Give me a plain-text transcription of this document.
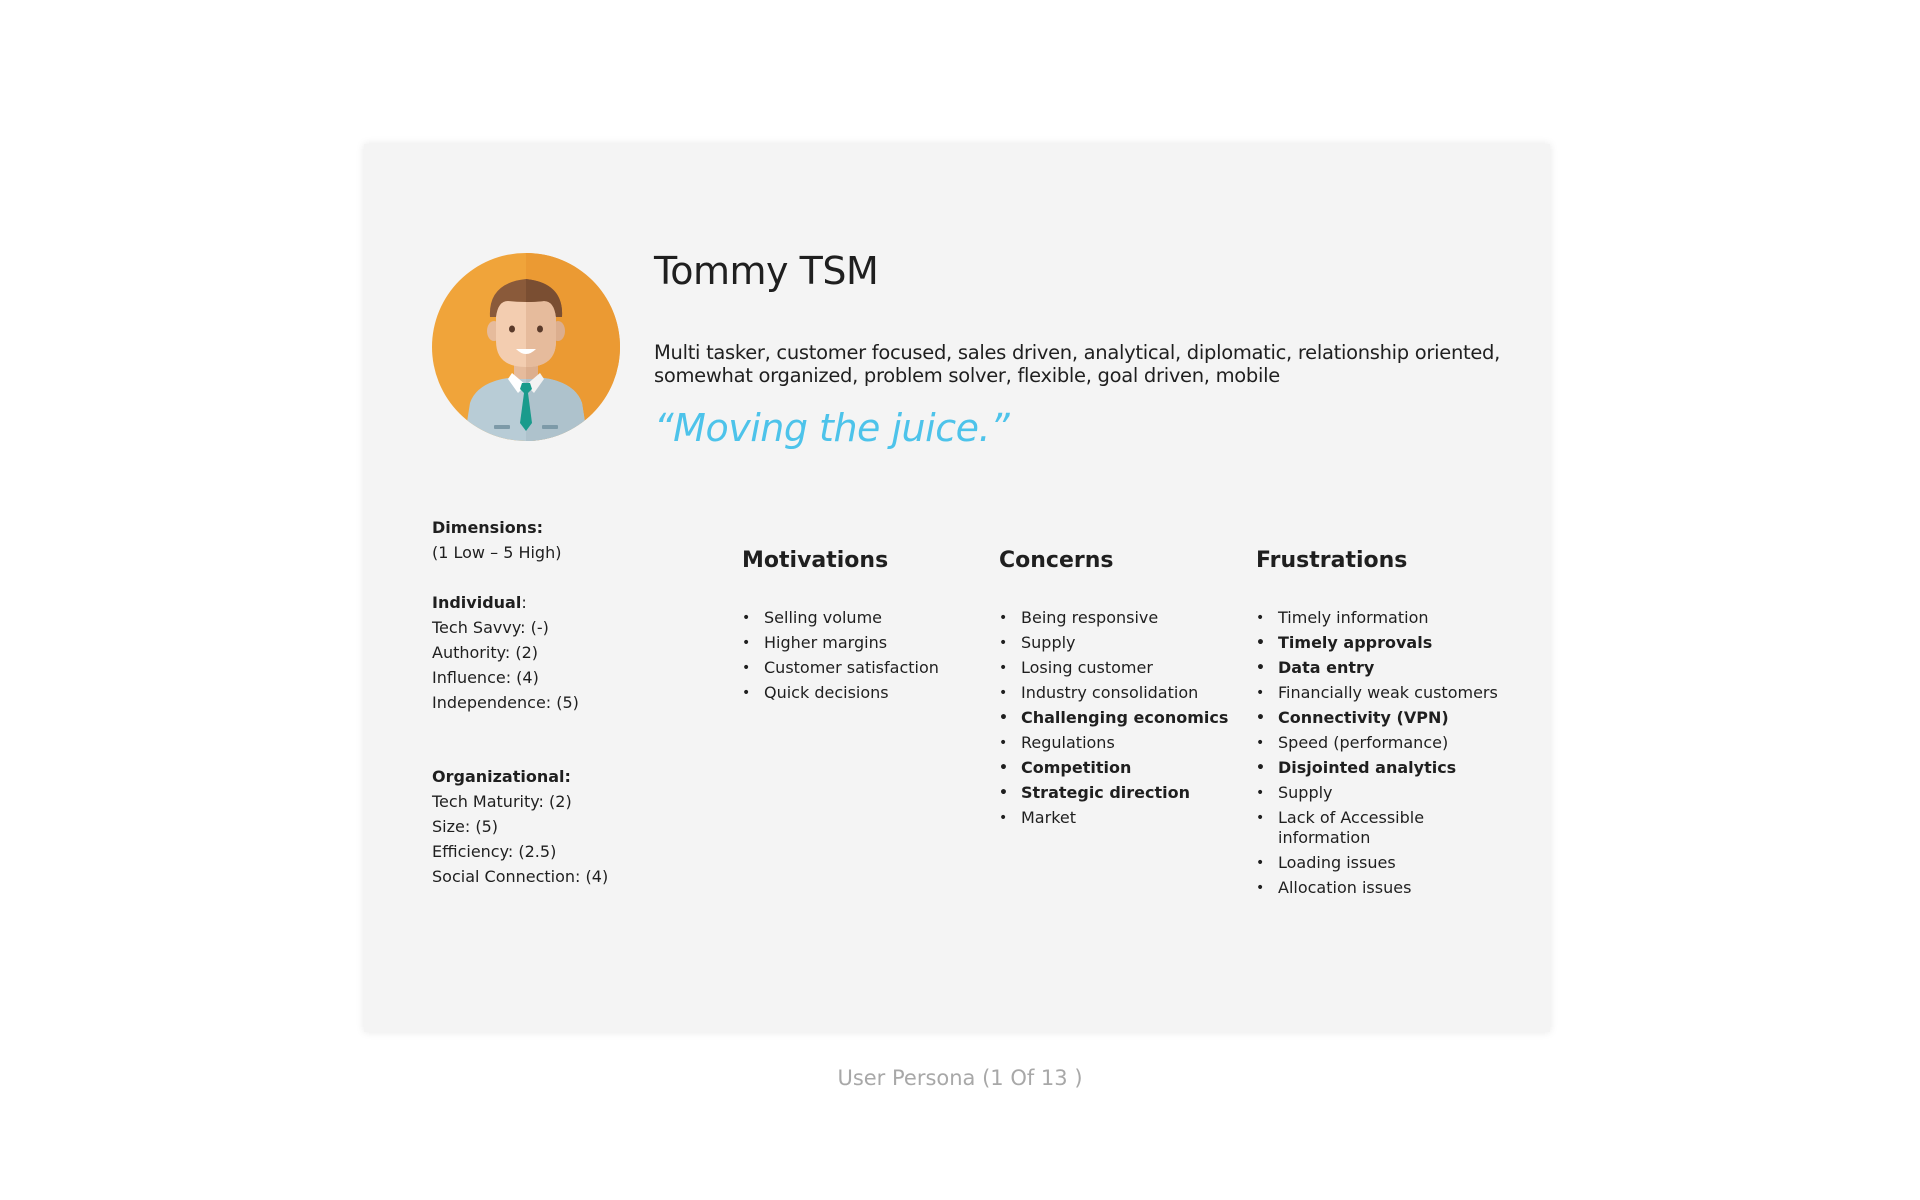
Tommy TSM

Multi tasker, customer focused, sales driven, analytical, diplomatic, relationship oriented, somewhat organized, problem solver, flexible, goal driven, mobile

“Moving the juice.”

Dimensions:
(1 Low – 5 High)
Individual:
Tech Savvy: (-)
Authority: (2)
Influence: (4)
Independence: (5)
Organizational:
Tech Maturity: (2)
Size: (5)
Efficiency: (2.5)
Social Connection: (4)
Motivations
• Selling volume
• Higher margins
• Customer satisfaction
• Quick decisions
Concerns
• Being responsive
• Supply
• Losing customer
• Industry consolidation
• Challenging economics
• Regulations
• Competition
• Strategic direction
• Market
Frustrations
• Timely information
• Timely approvals
• Data entry
• Financially weak customers
• Connectivity (VPN)
• Speed (performance)
• Disjointed analytics
• Supply
• Lack of Accessible information
• Loading issues
• Allocation issues
User Persona (1 Of 13 )
